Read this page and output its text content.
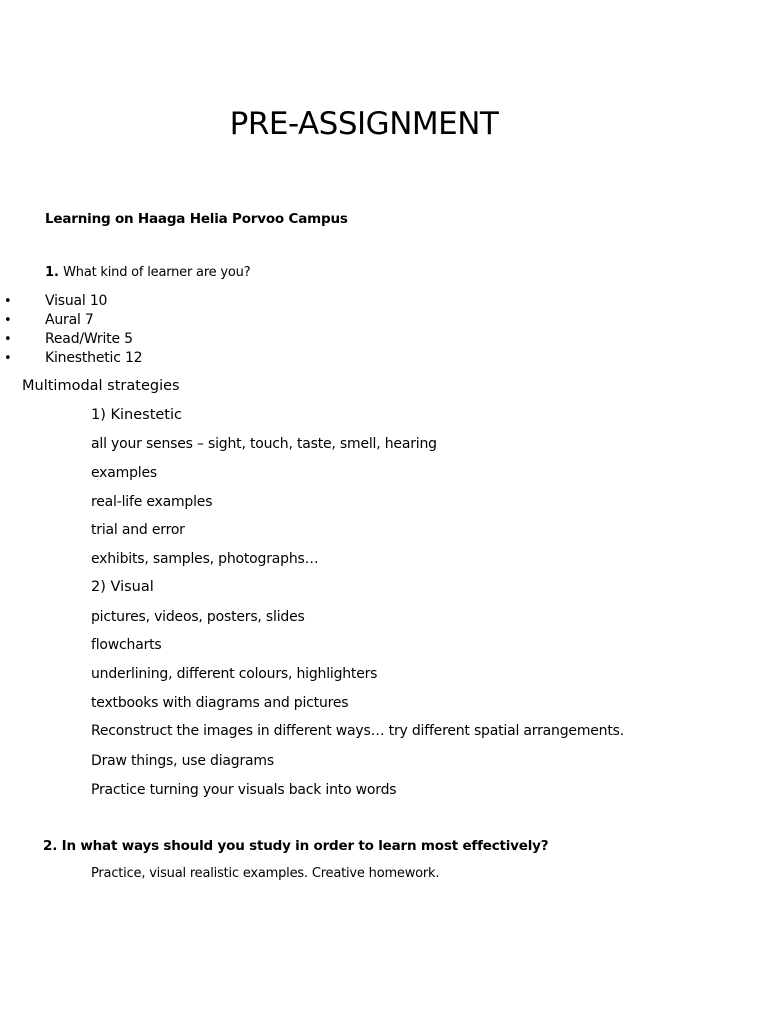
PRE-ASSIGNMENT
Learning on Haaga Helia Porvoo Campus
1. What kind of learner are you?
• Visual 10
• Aural 7
• Read/Write 5
• Kinesthetic 12
Multimodal strategies
1) Kinestetic
all your senses – sight, touch, taste, smell, hearing
examples
real-life examples
trial and error
exhibits, samples, photographs…
2) Visual
pictures, videos, posters, slides
flowcharts
underlining, different colours, highlighters
textbooks with diagrams and pictures
Reconstruct the images in different ways… try different spatial arrangements.
Draw things, use diagrams
Practice turning your visuals back into words
2. In what ways should you study in order to learn most effectively?
Practice, visual realistic examples. Creative homework.
